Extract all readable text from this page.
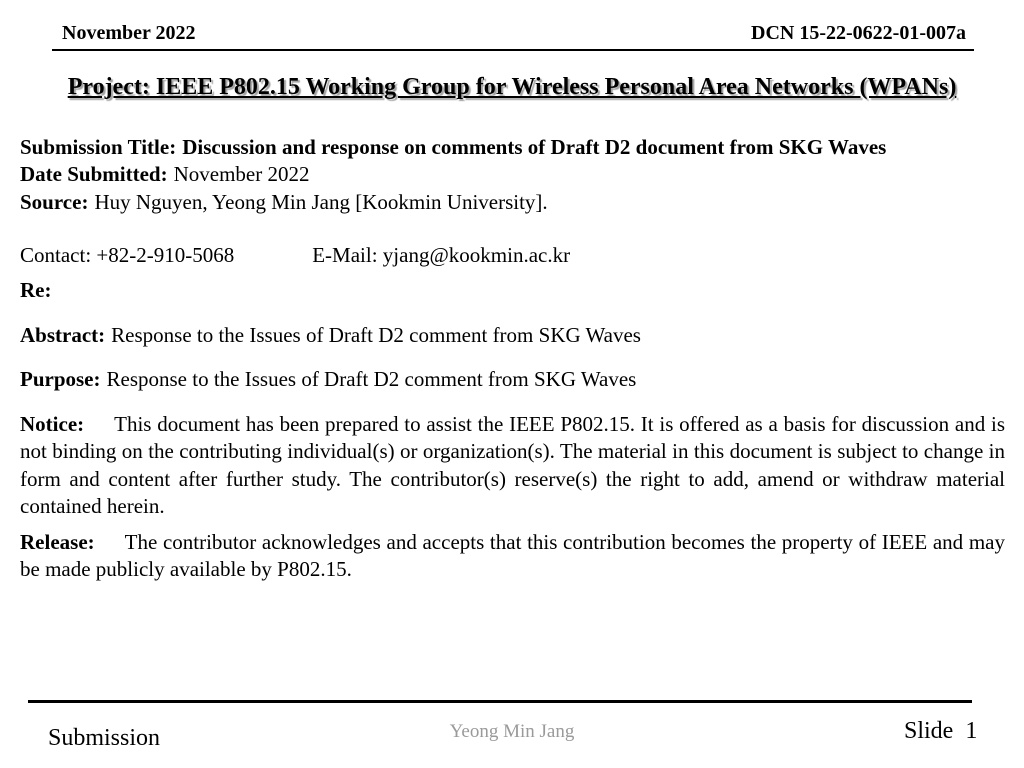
November 2022	DCN 15-22-0622-01-007a
Project: IEEE P802.15 Working Group for Wireless Personal Area Networks (WPANs)
Submission Title: Discussion and response on comments of Draft D2 document from SKG Waves
Date Submitted: November 2022
Source: Huy Nguyen, Yeong Min Jang [Kookmin University].
Contact: +82-2-910-5068	E-Mail: yjang@kookmin.ac.kr
Re:
Abstract: Response to the Issues of Draft D2 comment from SKG Waves
Purpose: Response to the Issues of Draft D2 comment from SKG Waves
Notice: This document has been prepared to assist the IEEE P802.15. It is offered as a basis for discussion and is not binding on the contributing individual(s) or organization(s). The material in this document is subject to change in form and content after further study. The contributor(s) reserve(s) the right to add, amend or withdraw material contained herein.
Release: The contributor acknowledges and accepts that this contribution becomes the property of IEEE and may be made publicly available by P802.15.
Submission	Yeong Min Jang	Slide 1
